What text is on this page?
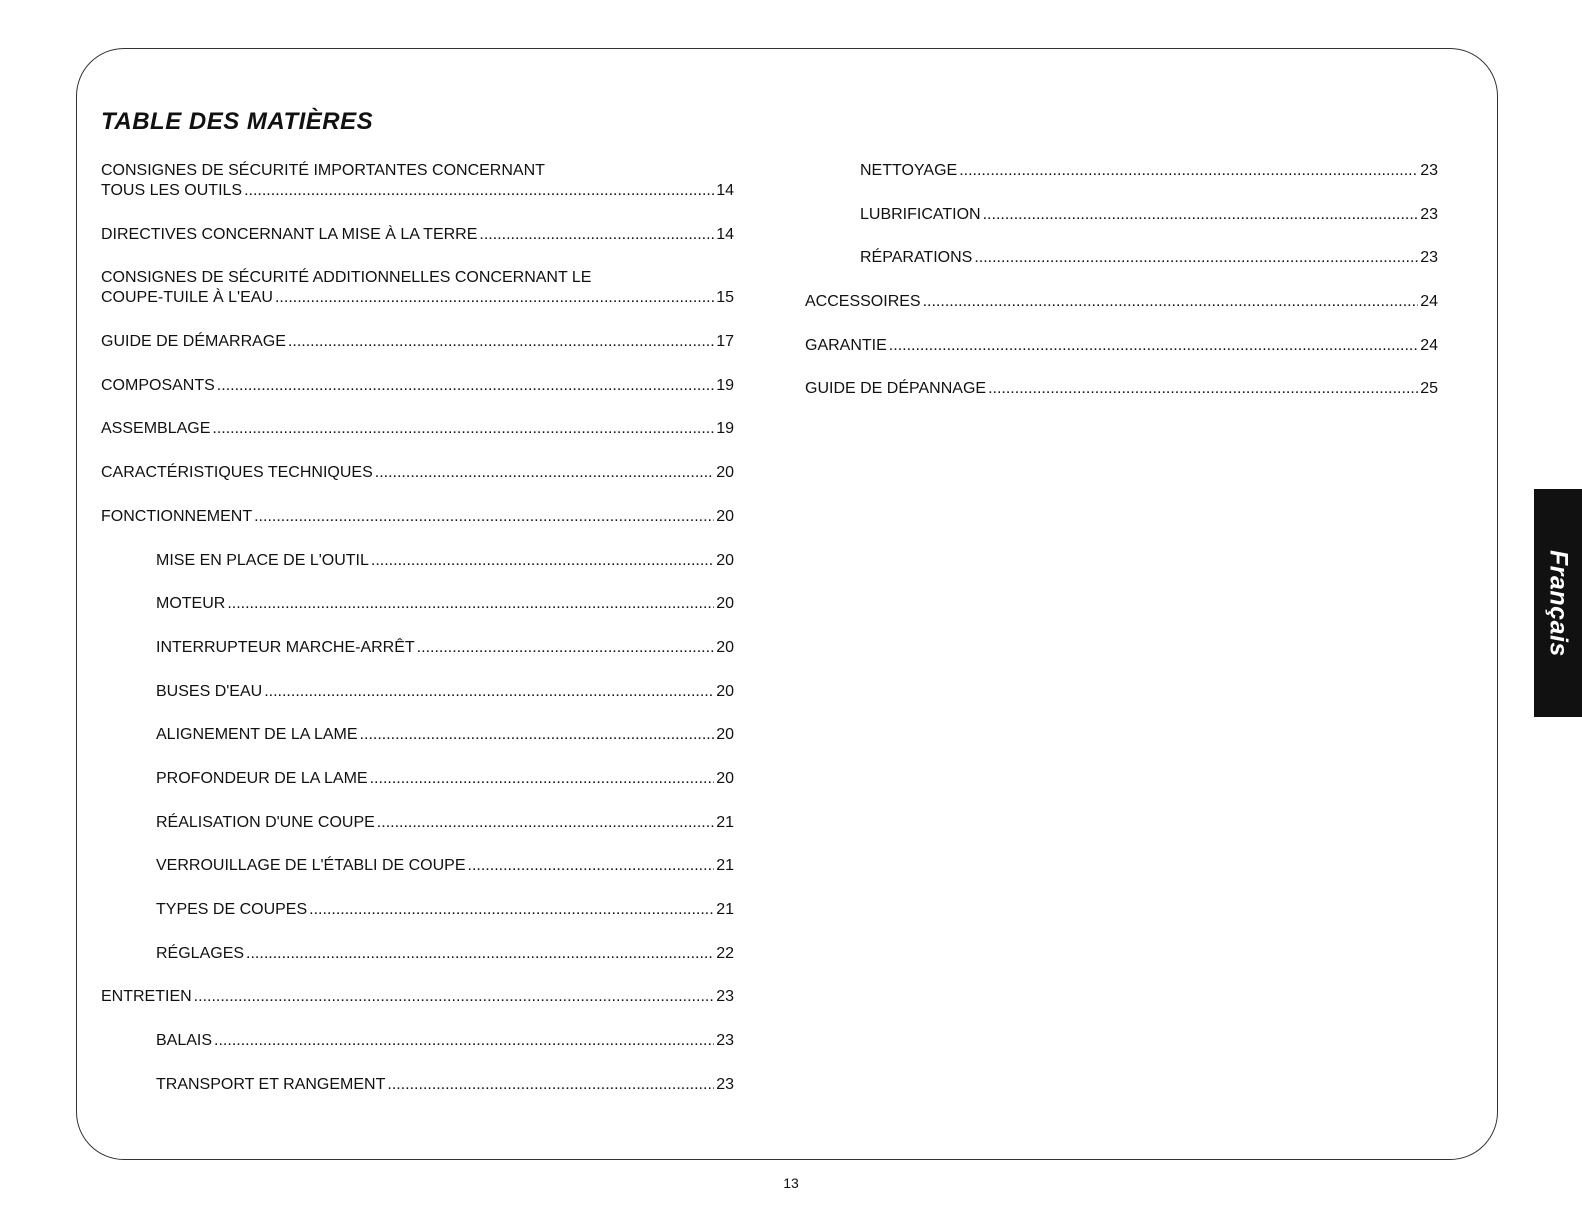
TABLE DES MATIÈRES
CONSIGNES DE SÉCURITÉ IMPORTANTES CONCERNANT
TOUS LES OUTILS .....	14
DIRECTIVES CONCERNANT LA MISE À LA TERRE .....	14
CONSIGNES DE SÉCURITÉ ADDITIONNELLES CONCERNANT LE
COUPE-TUILE À L'EAU .....	15
GUIDE DE DÉMARRAGE .....	17
COMPOSANTS .....	19
ASSEMBLAGE .....	19
CARACTÉRISTIQUES TECHNIQUES .....	20
FONCTIONNEMENT .....	20
MISE EN PLACE DE L'OUTIL .....	20
MOTEUR .....	20
INTERRUPTEUR MARCHE-ARRÊT .....	20
BUSES D'EAU .....	20
ALIGNEMENT DE LA LAME .....	20
PROFONDEUR DE LA LAME .....	20
RÉALISATION D'UNE COUPE .....	21
VERROUILLAGE DE L'ÉTABLI DE COUPE .....	21
TYPES DE COUPES .....	21
RÉGLAGES .....	22
ENTRETIEN .....	23
BALAIS .....	23
TRANSPORT ET RANGEMENT .....	23
NETTOYAGE .....	23
LUBRIFICATION .....	23
RÉPARATIONS .....	23
ACCESSOIRES .....	24
GARANTIE .....	24
GUIDE DE DÉPANNAGE .....	25
Français
13
